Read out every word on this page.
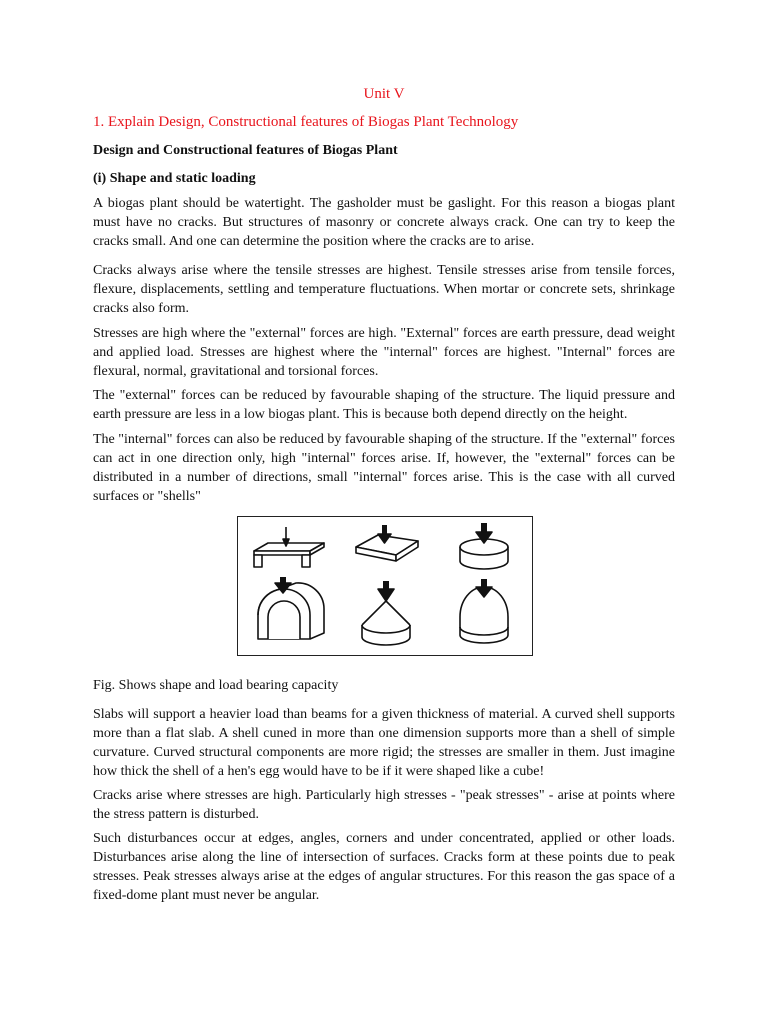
Unit V
1. Explain Design, Constructional features of Biogas Plant Technology
Design and Constructional features of Biogas Plant
(i) Shape and static loading

A biogas plant should be watertight. The gasholder must be gaslight. For this reason a biogas plant must have no cracks. But structures of masonry or concrete always crack. One can try to keep the cracks small. And one can determine the position where the cracks are to arise.

Cracks always arise where the tensile stresses are highest. Tensile stresses arise from tensile forces, flexure, displacements, settling and temperature fluctuations. When mortar or concrete sets, shrinkage cracks also form.

Stresses are high where the "external" forces are high. "External" forces are earth pressure, dead weight and applied load. Stresses are highest where the "internal" forces are highest. "Internal" forces are flexural, normal, gravitational and torsional forces.

The "external" forces can be reduced by favourable shaping of the structure. The liquid pressure and earth pressure are less in a low biogas plant. This is because both depend directly on the height.

The "internal" forces can also be reduced by favourable shaping of the structure. If the "external" forces can act in one direction only, high "internal" forces arise. If, however, the "external" forces can be distributed in a number of directions, small "internal" forces arise. This is the case with all curved surfaces or "shells"

Fig. Shows shape and load bearing capacity

Slabs will support a heavier load than beams for a given thickness of material. A curved shell supports more than a flat slab. A shell cuned in more than one dimension supports more than a shell of simple curvature. Curved structural components are more rigid; the stresses are smaller in them. Just imagine how thick the shell of a hen's egg would have to be if it were shaped like a cube!

Cracks arise where stresses are high. Particularly high stresses - "peak stresses" - arise at points where the stress pattern is disturbed.

Such disturbances occur at edges, angles, corners and under concentrated, applied or other loads. Disturbances arise along the line of intersection of surfaces. Cracks form at these points due to peak stresses. Peak stresses always arise at the edges of angular structures. For this reason the gas space of a fixed-dome plant must never be angular.
